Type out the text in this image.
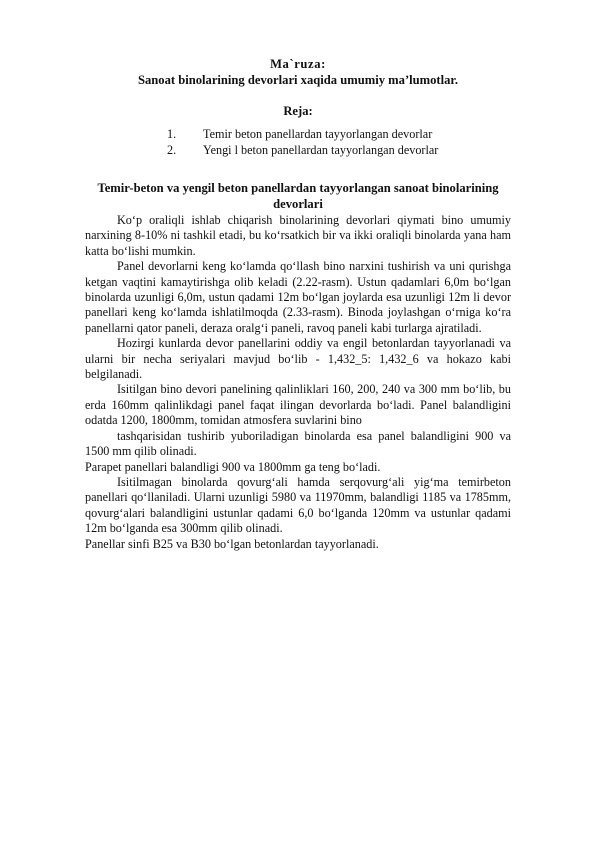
Ma`ruza:
Sanoat binolarining devorlari xaqida umumiy ma’lumotlar.
Reja:
1.	Temir beton panellardan tayyorlangan devorlar
2.	Yengi l beton panellardan tayyorlangan devorlar
Temir-beton va yengil beton panellardan tayyorlangan sanoat binolarining devorlari

Ko‘p oraliqli ishlab chiqarish binolarining devorlari qiymati bino umumiy narxining 8-10% ni tashkil etadi, bu ko‘rsatkich bir va ikki oraliqli binolarda yana ham katta bo‘lishi mumkin.

Panel devorlarni keng ko‘lamda qo‘llash bino narxini tushirish va uni qurishga ketgan vaqtini kamaytirishga olib keladi (2.22-rasm). Ustun qadamlari 6,0m bo‘lgan binolarda uzunligi 6,0m, ustun qadami 12m bo‘lgan joylarda esa uzunligi 12m li devor panellari keng ko‘lamda ishlatilmoqda (2.33-rasm). Binoda joylashgan o‘rniga ko‘ra panellarni qator paneli, deraza oralg‘i paneli, ravoq paneli kabi turlarga ajratiladi.

Hozirgi kunlarda devor panellarini oddiy va engil betonlardan tayyorlanadi va ularni bir necha seriyalari mavjud bo‘lib - 1,432_5: 1,432_6 va hokazo kabi belgilanadi.

Isitilgan bino devori panelining qalinliklari 160, 200, 240 va 300 mm bo‘lib, bu erda 160mm qalinlikdagi panel faqat ilingan devorlarda bo‘ladi. Panel balandligini odatda 1200, 1800mm, tomidan atmosfera suvlarini bino

tashqarisidan tushirib yuboriladigan binolarda esa panel balandligini 900 va 1500 mm qilib olinadi.

Parapet panellari balandligi 900 va 1800mm ga teng bo‘ladi.

Isitilmagan binolarda qovurg‘ali hamda serqovurg‘ali yig‘ma temirbeton panellari qo‘llaniladi. Ularni uzunligi 5980 va 11970mm, balandligi 1185 va 1785mm, qovurg‘alari balandligini ustunlar qadami 6,0 bo‘lganda 120mm va ustunlar qadami 12m bo‘lganda esa 300mm qilib olinadi.

Panellar sinfi B25 va B30 bo‘lgan betonlardan tayyorlanadi.
